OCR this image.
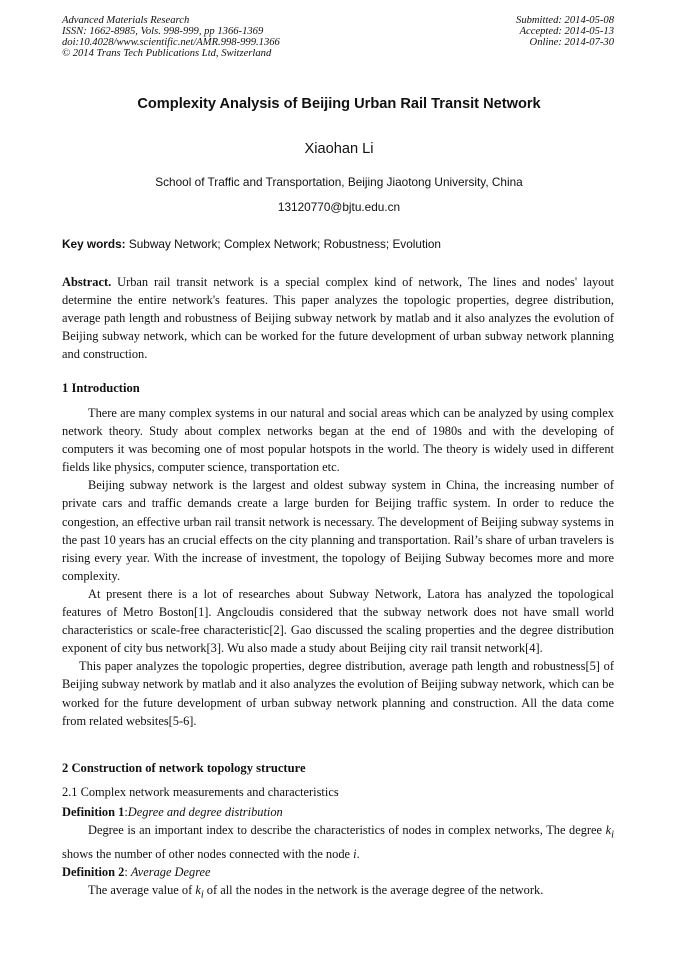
Advanced Materials Research
ISSN: 1662-8985, Vols. 998-999, pp 1366-1369
doi:10.4028/www.scientific.net/AMR.998-999.1366
© 2014 Trans Tech Publications Ltd, Switzerland
Submitted: 2014-05-08
Accepted: 2014-05-13
Online: 2014-07-30
Complexity Analysis of Beijing Urban Rail Transit Network
Xiaohan Li
School of Traffic and Transportation, Beijing Jiaotong University, China
13120770@bjtu.edu.cn
Key words: Subway Network; Complex Network; Robustness; Evolution

Abstract. Urban rail transit network is a special complex kind of network, The lines and nodes' layout determine the entire network's features. This paper analyzes the topologic properties, degree distribution, average path length and robustness of Beijing subway network by matlab and it also analyzes the evolution of Beijing subway network, which can be worked for the future development of urban subway network planning and construction.

1 Introduction

There are many complex systems in our natural and social areas which can be analyzed by using complex network theory. Study about complex networks began at the end of 1980s and with the developing of computers it was becoming one of most popular hotspots in the world. The theory is widely used in different fields like physics, computer science, transportation etc.

Beijing subway network is the largest and oldest subway system in China, the increasing number of private cars and traffic demands create a large burden for Beijing traffic system. In order to reduce the congestion, an effective urban rail transit network is necessary. The development of Beijing subway systems in the past 10 years has an crucial effects on the city planning and transportation. Rail’s share of urban travelers is rising every year. With the increase of investment, the topology of Beijing Subway becomes more and more complexity.

At present there is a lot of researches about Subway Network, Latora has analyzed the topological features of Metro Boston[1]. Angcloudis considered that the subway network does not have small world characteristics or scale-free characteristic[2]. Gao discussed the scaling properties and the degree distribution exponent of city bus network[3]. Wu also made a study about Beijing city rail transit network[4].

This paper analyzes the topologic properties, degree distribution, average path length and robustness[5] of Beijing subway network by matlab and it also analyzes the evolution of Beijing subway network, which can be worked for the future development of urban subway network planning and construction. All the data come from related websites[5-6].

2 Construction of network topology structure
2.1 Complex network measurements and characteristics

Definition 1:Degree and degree distribution

Degree is an important index to describe the characteristics of nodes in complex networks, The degree $k_i$ shows the number of other nodes connected with the node i.

Definition 2: Average Degree

The average value of $k_i$ of all the nodes in the network is the average degree of the network.
